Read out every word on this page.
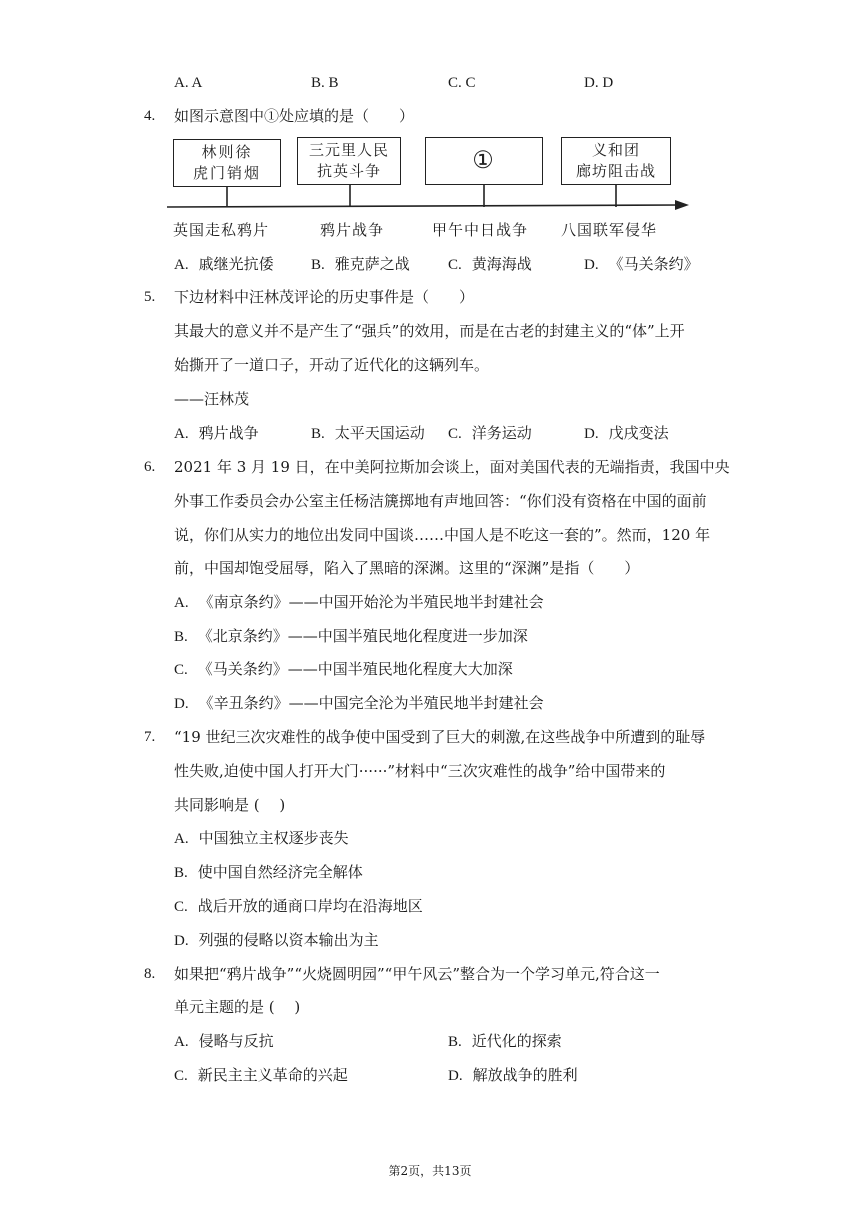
A. A	B. B	C. C	D. D
4. 如图示意图中①处应填的是（　　）
林则徐
虎门销烟
三元里人民
抗英斗争	①	义和团
廊坊阻击战
英国走私鸦片	鸦片战争	甲午中日战争 八国联军侵华
A. 戚继光抗倭 B. 雅克萨之战	C. 黄海海战	D. 《马关条约》
5. 下边材料中汪林茂评论的历史事件是（　　）
其最大的意义并不是产生了“强兵”的效用，而是在古老的封建主义的“体”上开
始撕开了一道口子，开动了近代化的这辆列车。
——汪林茂
A. 鸦片战争	B. 太平天国运动 C. 洋务运动	D. 戊戌变法
6. 2021 年 3 月 19 日，在中美阿拉斯加会谈上，面对美国代表的无端指责，我国中央
外事工作委员会办公室主任杨洁篪掷地有声地回答：“你们没有资格在中国的面前
说，你们从实力的地位出发同中国谈……中国人是不吃这一套的”。然而，120 年
前，中国却饱受屈辱，陷入了黑暗的深渊。这里的“深渊”是指（　　）
A. 《南京条约》——中国开始沦为半殖民地半封建社会
B. 《北京条约》——中国半殖民地化程度进一步加深
C. 《马关条约》——中国半殖民地化程度大大加深
D. 《辛丑条约》——中国完全沦为半殖民地半封建社会
7. “19 世纪三次灾难性的战争使中国受到了巨大的刺激,在这些战争中所遭到的耻辱
性失败,迫使中国人打开大门······”材料中“三次灾难性的战争”给中国带来的
共同影响是 (　 )
A. 中国独立主权逐步丧失
B. 使中国自然经济完全解体
C. 战后开放的通商口岸均在沿海地区
D. 列强的侵略以资本输出为主
8. 如果把“鸦片战争”“火烧圆明园”“甲午风云”整合为一个学习单元,符合这一
单元主题的是 (　 )
A. 侵略与反抗	B. 近代化的探索
C. 新民主主义革命的兴起	D. 解放战争的胜利
第2页，共13页
